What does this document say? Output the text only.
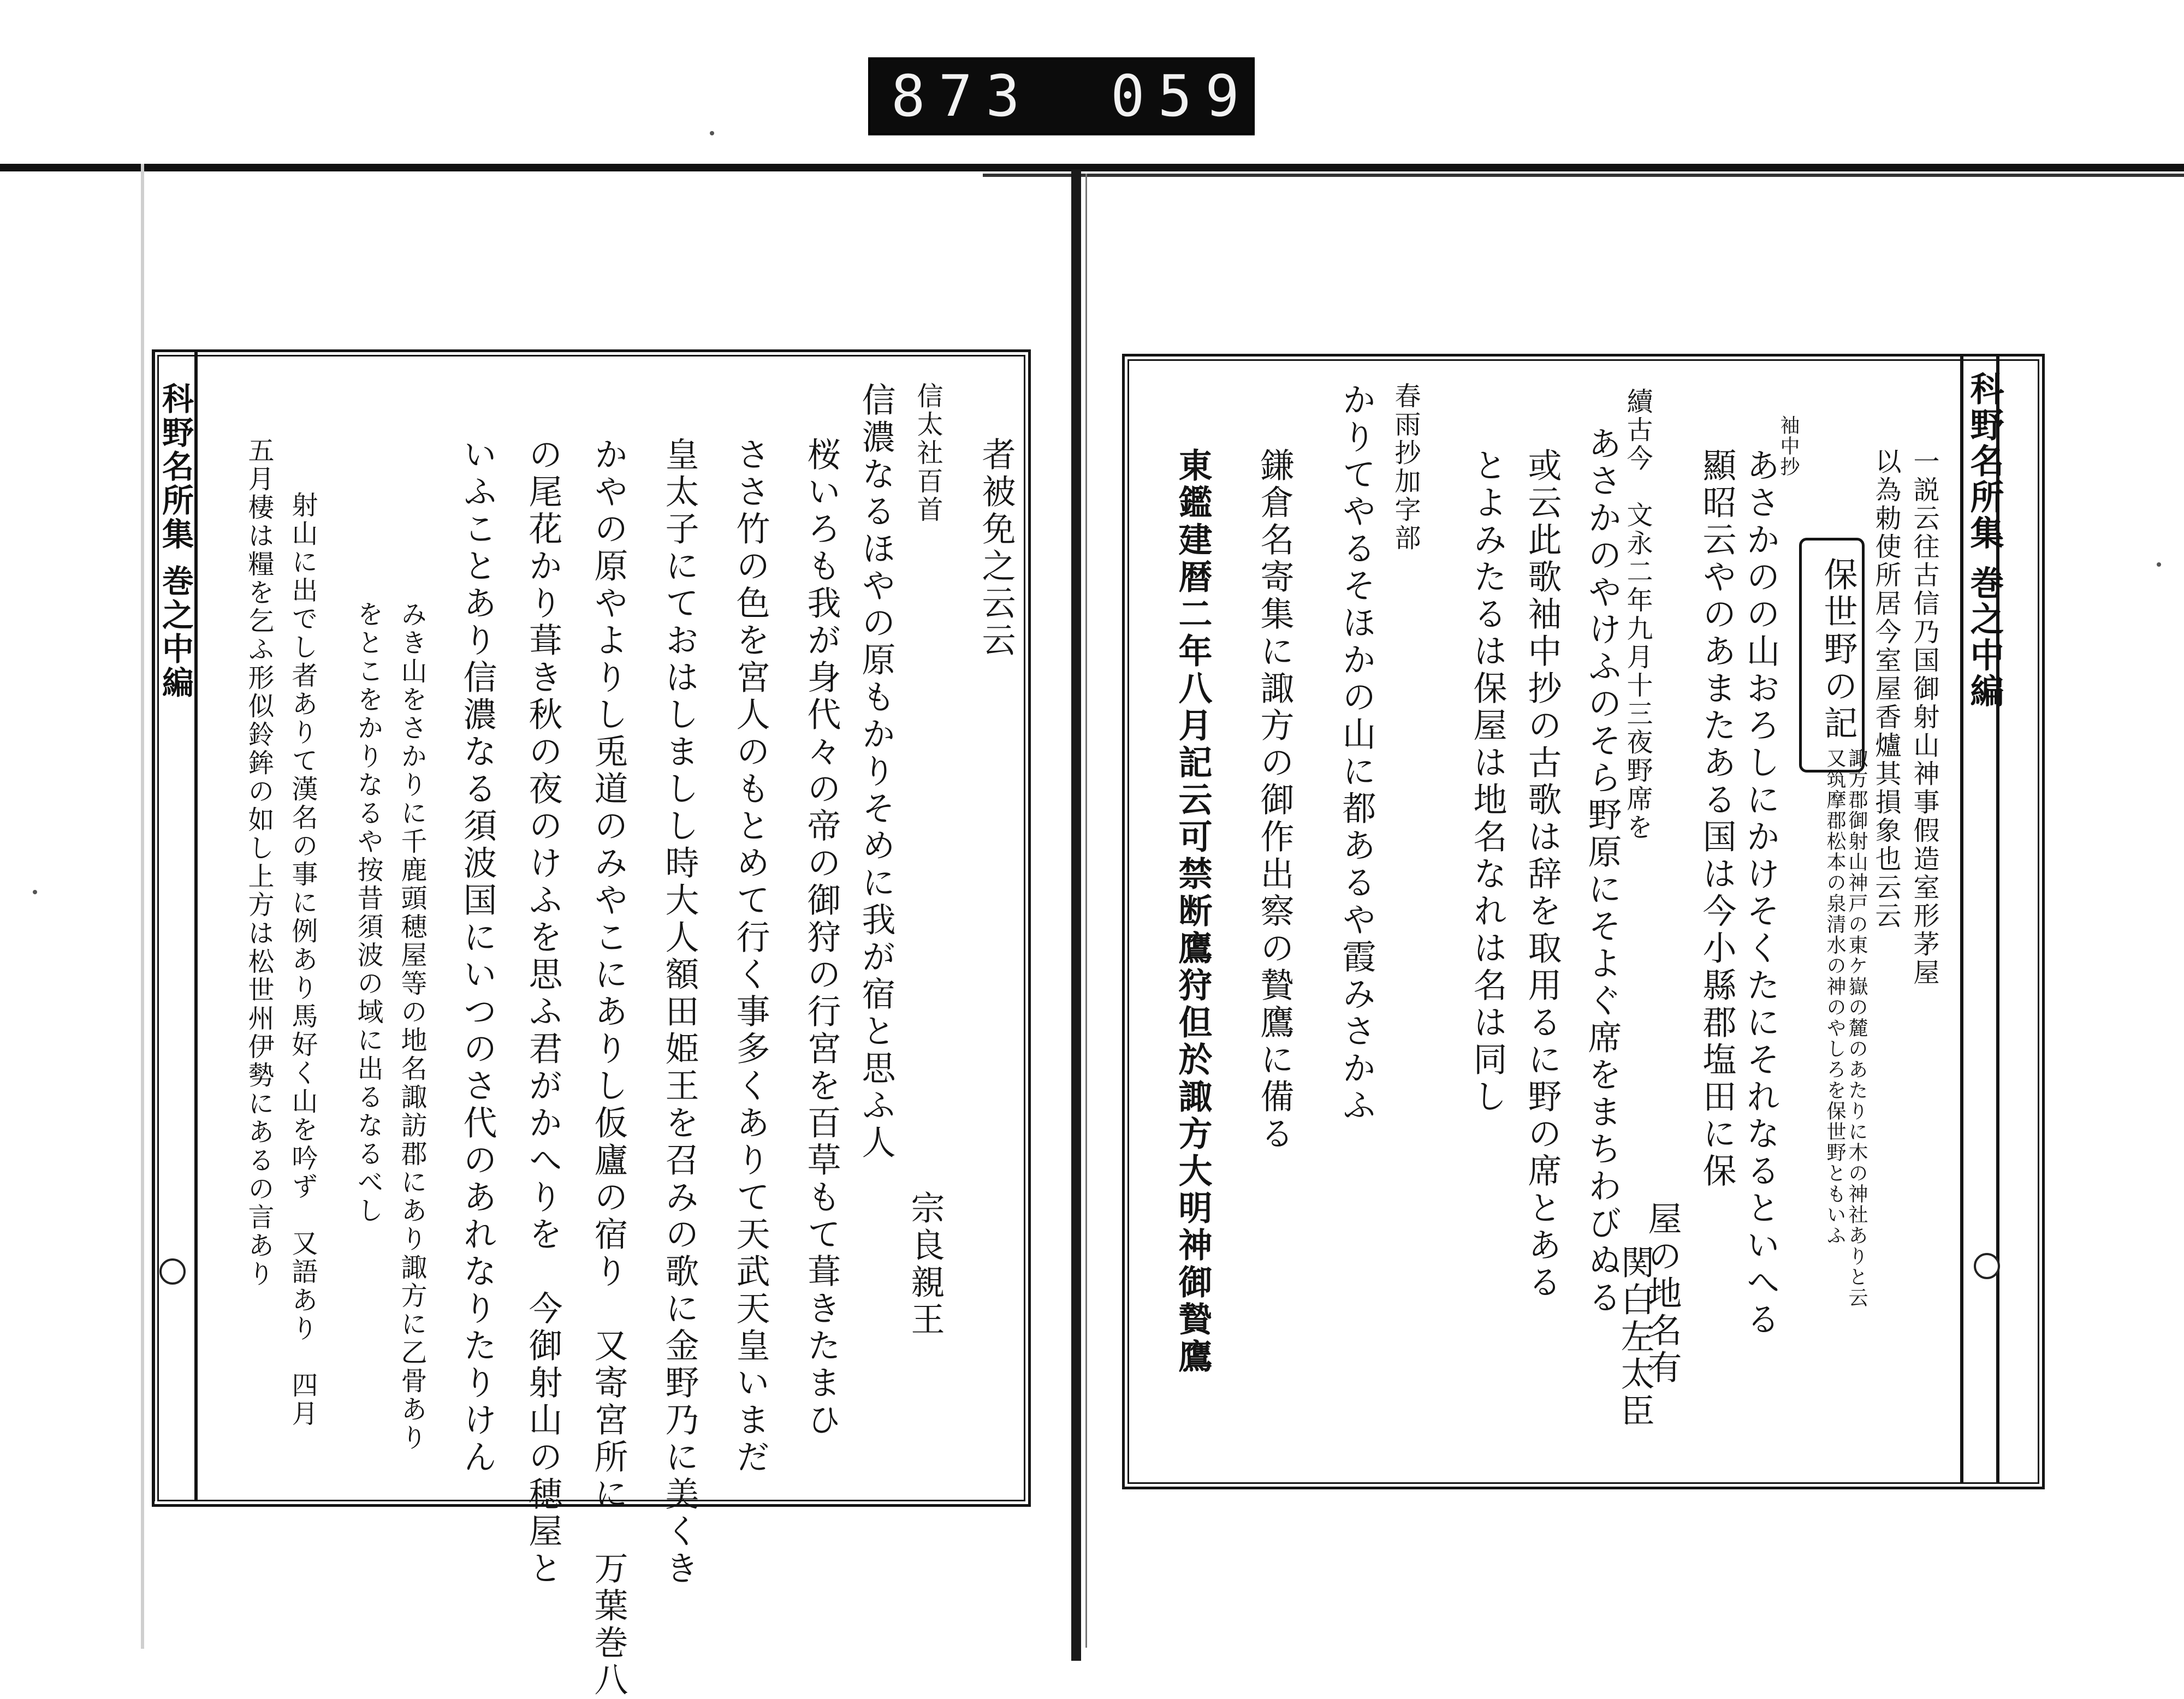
873 059
科野名所集 巻之中編	科野名所集 巻之中編
一説云往古信乃国御射山神事假造室形茅屋
以為勅使所居今室屋香爐其損象也云云
諏方郡御射山神戸の東ケ嶽の麓のあたりに木の神社ありと云
又筑摩郡松本の泉清水の神のやしろを保世野ともいふ
保世野の記
袖中抄
あさかのの山おろしにかけそくたにそれなるといへる
顯昭云やのあまたある国は今小縣郡塩田に保
屋の地名有
関白左太臣
續古今　文永二年九月十三夜野席を
あさかのやけふのそら野原にそよぐ席をまちわびぬる
或云此歌袖中抄の古歌は辞を取用るに野の席とある
とよみたるは保屋は地名なれは名は同し
春雨抄加字部
かりてやるそほかの山に都あるや霞みさかふ
鎌倉名寄集に諏方の御作出察の贄鷹に備る
東鑑建暦二年八月記云可禁断鷹狩但於諏方大明神御贄鷹
者被免之云云
信太社百首
宗良親王
信濃なるほやの原もかりそめに我が宿と思ふ人
桜いろも我が身代々の帝の御狩の行宮を百草もて葺きたまひ
ささ竹の色を宮人のもとめて行く事多くありて天武天皇いまだ
皇太子にておはしましし時大人額田姫王を召みの歌に金野乃に美くき
かやの原やよりし兎道のみやこにありし仮廬の宿り　又寄宮所に　万葉巻八
の尾花かり葺き秋の夜のけふを思ふ君がかへりを　今御射山の穂屋と
いふことあり信濃なる須波国にいつのさ代のあれなりたりけん
みき山をさかりに千鹿頭穂屋等の地名諏訪郡にあり諏方に乙骨あり
をとこをかりなるや按昔須波の域に出るなるべし
射山に出でし者ありて漢名の事に例あり馬好く山を吟ず　又語あり　四月
五月棲は糧を乞ふ形似鈴鉾の如し上方は松世州伊勢にあるの言あり
